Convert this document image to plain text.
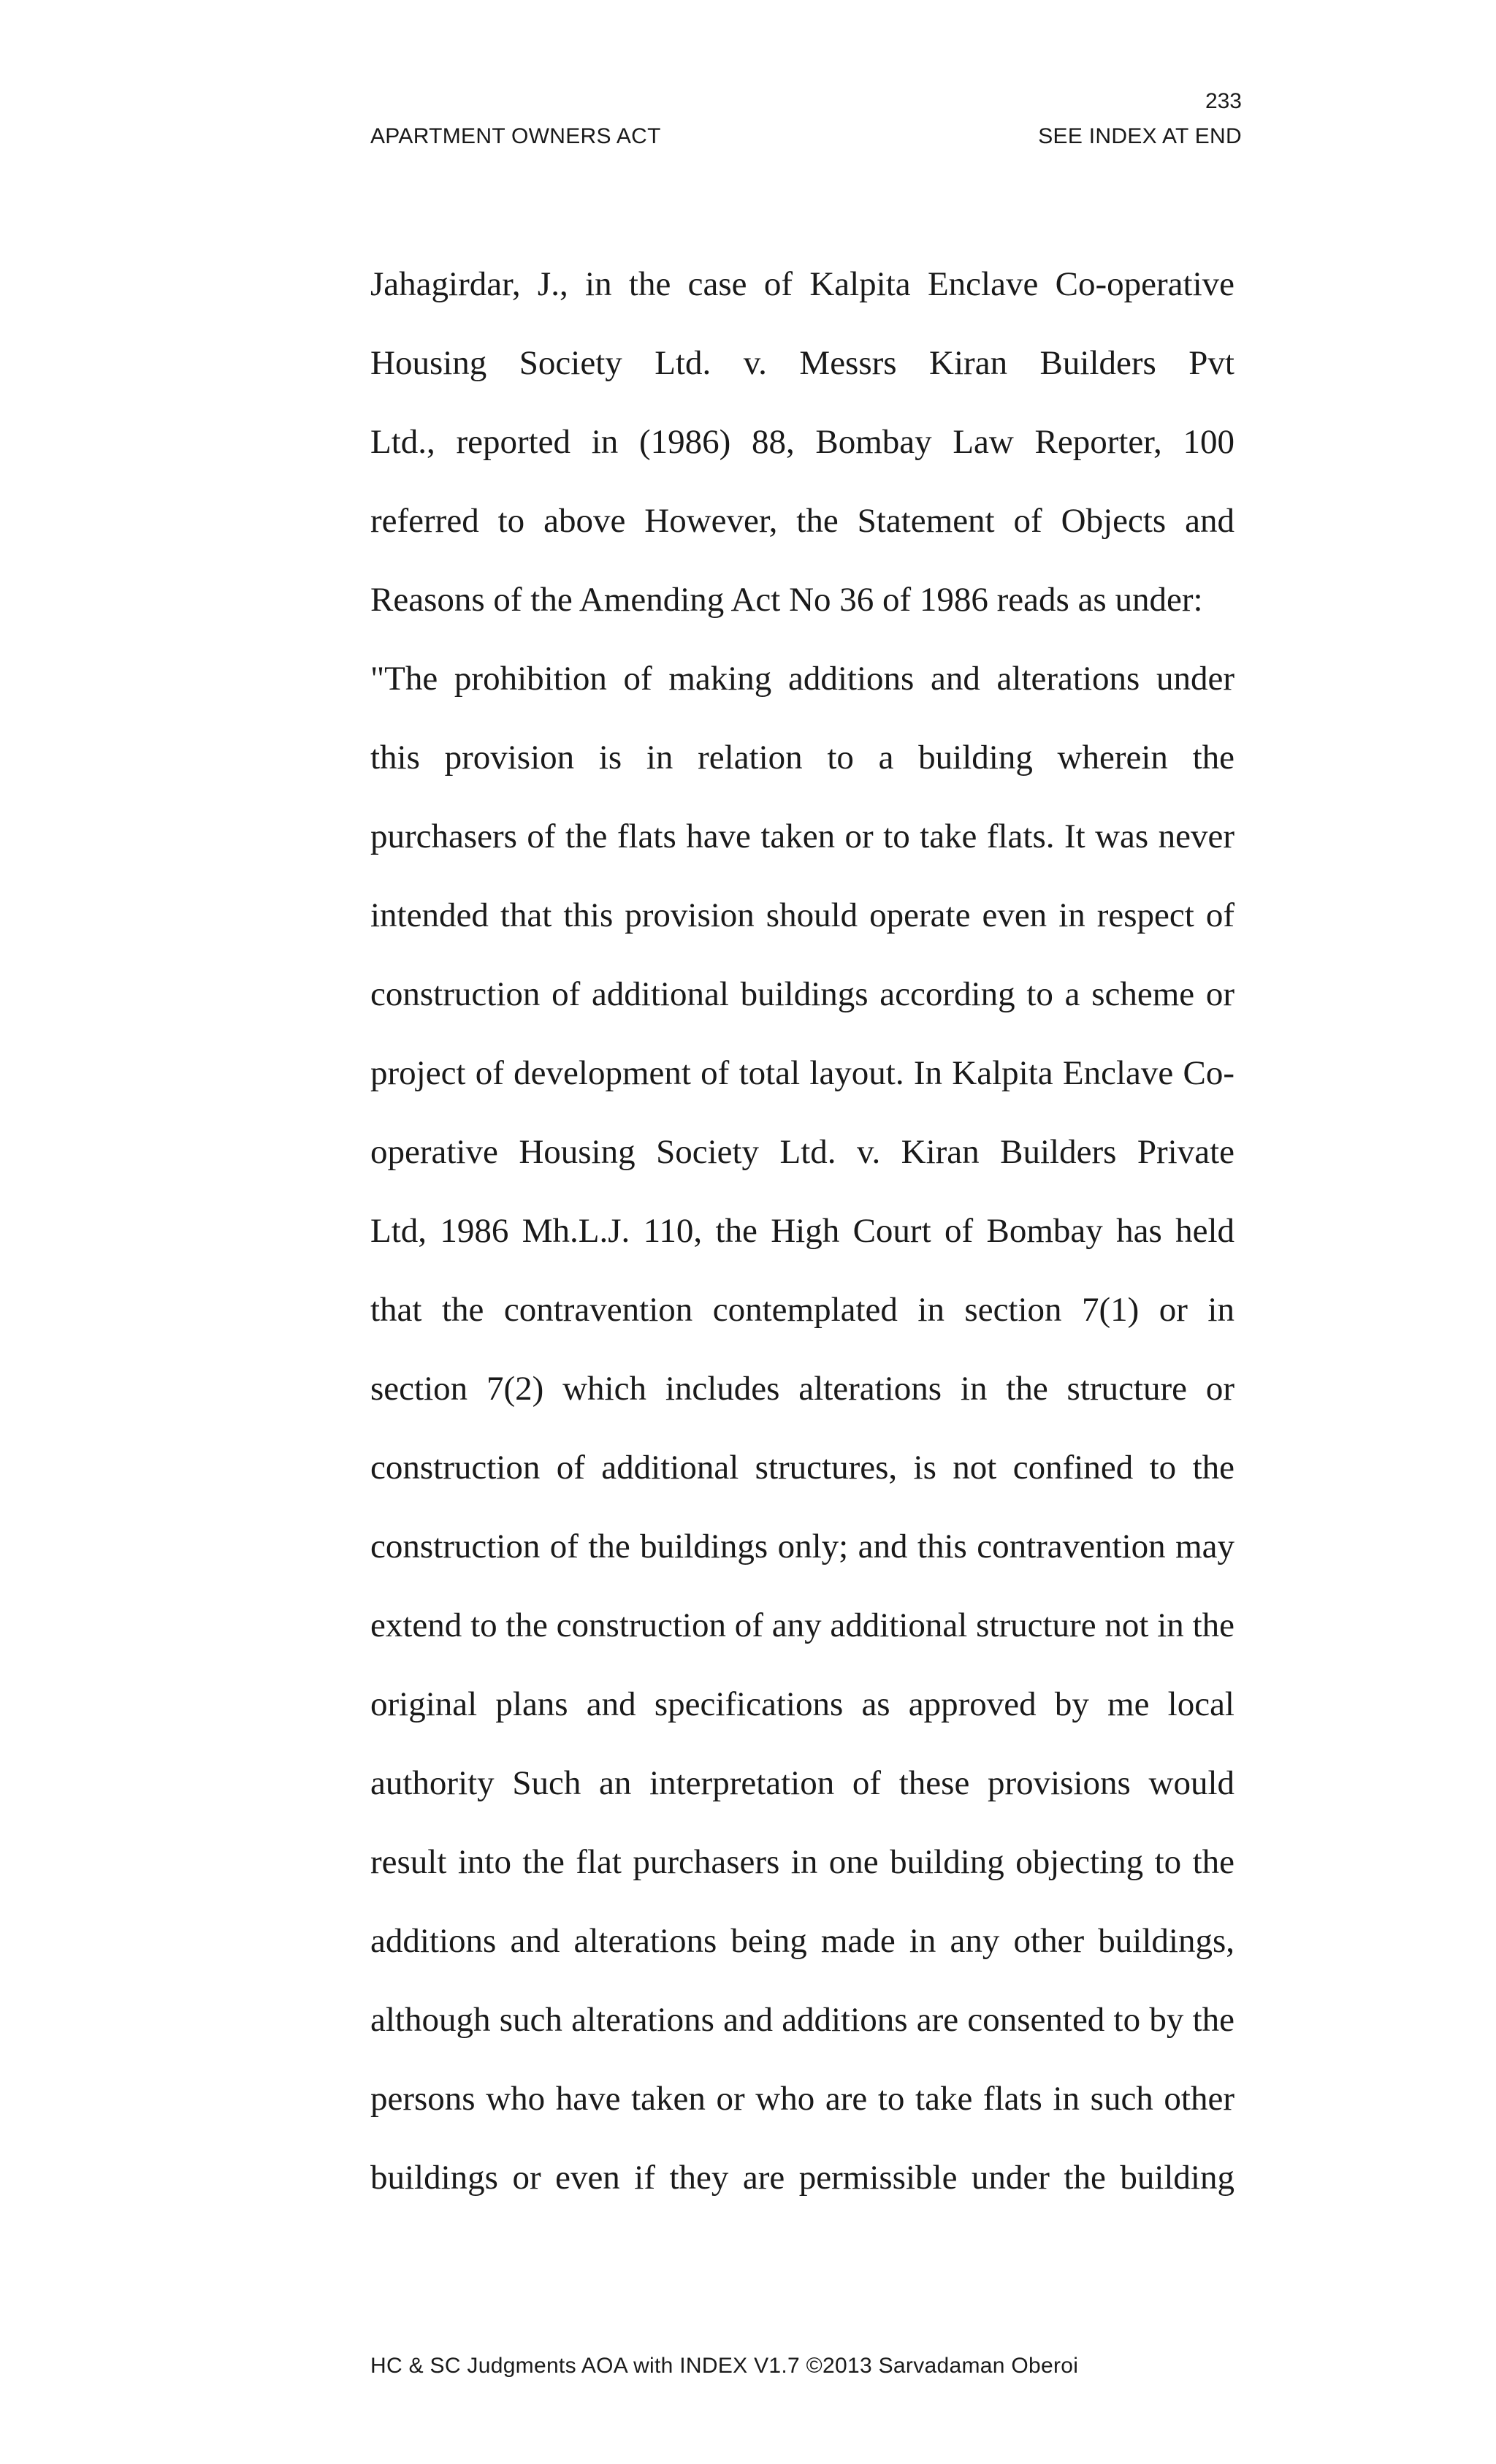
233
APARTMENT OWNERS ACT	SEE INDEX AT END
Jahagirdar, J., in the case of Kalpita Enclave Co-operative
Housing Society Ltd. v. Messrs Kiran Builders Pvt
Ltd., reported in (1986) 88, Bombay Law Reporter, 100
referred to above However, the Statement of Objects and
Reasons of the Amending Act No 36 of 1986 reads as under:
"The prohibition of making additions and alterations under
this provision is in relation to a building wherein the
purchasers of the flats have taken or to take flats. It was never
intended that this provision should operate even in respect of
construction of additional buildings according to a scheme or
project of development of total layout. In Kalpita Enclave Co-
operative Housing Society Ltd. v. Kiran Builders Private
Ltd, 1986 Mh.L.J. 110, the High Court of Bombay has held
that the contravention contemplated in section 7(1) or in
section 7(2) which includes alterations in the structure or
construction of additional structures, is not confined to the
construction of the buildings only; and this contravention may
extend to the construction of any additional structure not in the
original plans and specifications as approved by me local
authority Such an interpretation of these provisions would
result into the flat purchasers in one building objecting to the
additions and alterations being made in any other buildings,
although such alterations and additions are consented to by the
persons who have taken or who are to take flats in such other
buildings or even if they are permissible under the building
HC & SC Judgments AOA with INDEX V1.7 ©2013 Sarvadaman Oberoi
